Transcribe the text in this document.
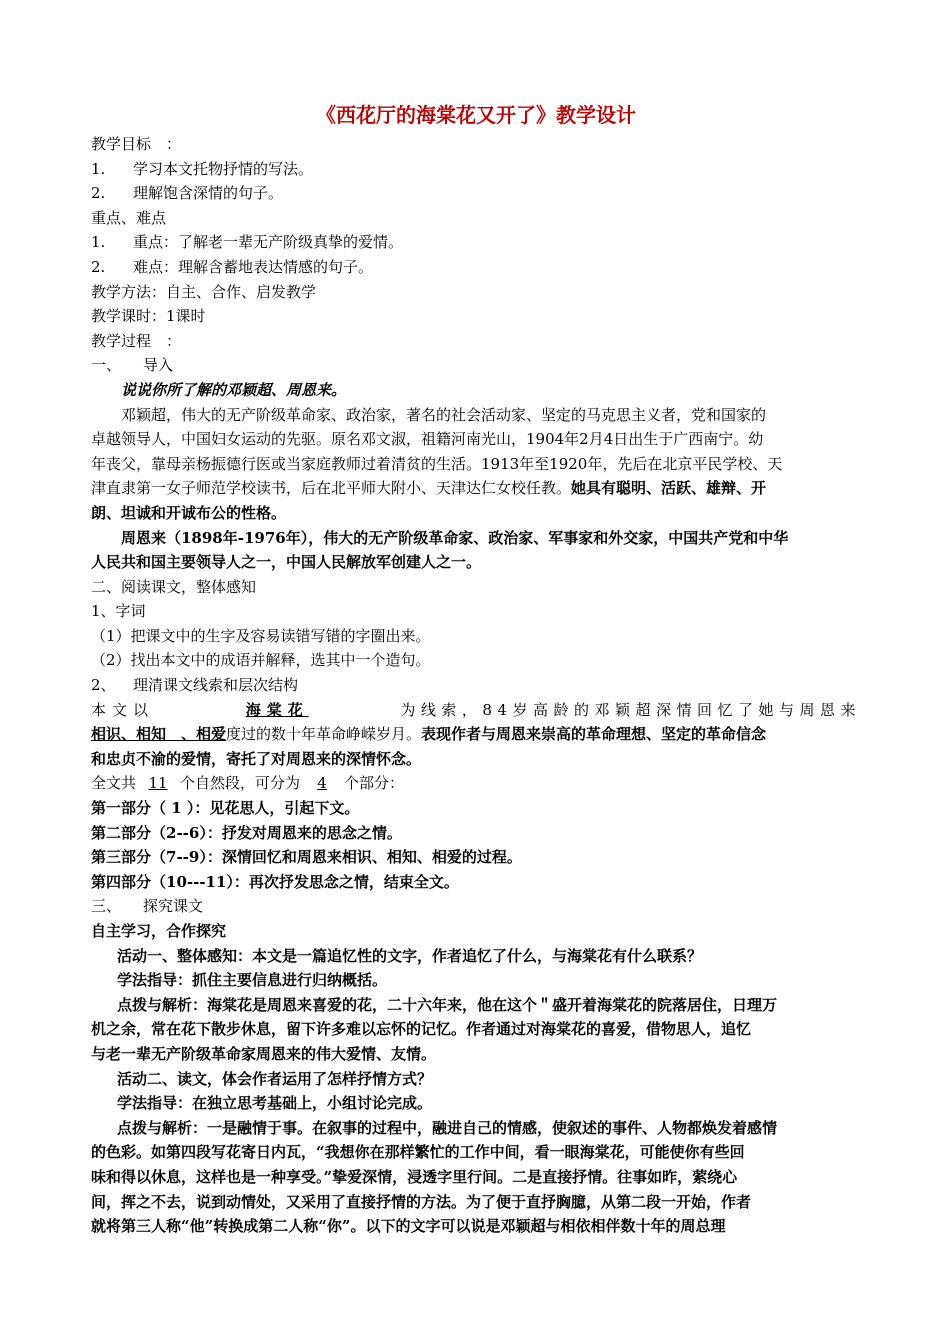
《西花厅的海棠花又开了》教学设计
教学目标　：
1. 学习本文托物抒情的写法。
2. 理解饱含深情的句子。
重点、难点
1. 重点：了解老一辈无产阶级真挚的爱情。
2. 难点：理解含蓄地表达情感的句子。
教学方法：自主、合作、启发教学
教学课时：1课时
教学过程　：
一、 导入
说说你所了解的邓颖超、周恩来。
邓颖超，伟大的无产阶级革命家、政治家，著名的社会活动家、坚定的马克思主义者，党和国家的
卓越领导人，中国妇女运动的先驱。原名邓文淑，祖籍河南光山，1904年2月4日出生于广西南宁。幼
年丧父，靠母亲杨振德行医或当家庭教师过着清贫的生活。1913年至1920年，先后在北京平民学校、天
津直隶第一女子师范学校读书，后在北平师大附小、天津达仁女校任教。她具有聪明、活跃、雄辩、开
朗、坦诚和开诚布公的性格。
周恩来（1898年-1976年），伟大的无产阶级革命家、政治家、军事家和外交家，中国共产党和中华
人民共和国主要领导人之一，中国人民解放军创建人之一。
二、阅读课文，整体感知
1、字词
（1）把课文中的生字及容易读错写错的字圈出来。
（2）找出本文中的成语并解释，选其中一个造句。
2、 理清课文线索和层次结构
本文以	海棠花	为线索，84岁高龄的邓颖超深情回忆了她与周恩来
相识、相知　、相爱度过的数十年革命峥嵘岁月。表现作者与周恩来崇高的革命理想、坚定的革命信念
和忠贞不渝的爱情，寄托了对周恩来的深情怀念。
全文共 11 个自然段，可分为 4 个部分：
第一部分（ 1 ）：见花思人，引起下文。
第二部分（2--6）：抒发对周恩来的思念之情。
第三部分（7--9）：深情回忆和周恩来相识、相知、相爱的过程。
第四部分（10---11）：再次抒发思念之情，结束全文。
三、 探究课文
自主学习，合作探究
活动一、整体感知：本文是一篇追忆性的文字，作者追忆了什么，与海棠花有什么联系？
学法指导：抓住主要信息进行归纳概括。
点拨与解析：海棠花是周恩来喜爱的花，二十六年来，他在这个＂盛开着海棠花的院落居住，日理万
机之余，常在花下散步休息，留下许多难以忘怀的记忆。作者通过对海棠花的喜爱，借物思人，追忆
与老一辈无产阶级革命家周恩来的伟大爱情、友情。
活动二、读文，体会作者运用了怎样抒情方式？
学法指导：在独立思考基础上，小组讨论完成。
点拨与解析：一是融情于事。在叙事的过程中，融进自己的情感，使叙述的事件、人物都焕发着感情
的色彩。如第四段写花寄日内瓦，“我想你在那样繁忙的工作中间，看一眼海棠花，可能使你有些回
味和得以休息，这样也是一种享受。”挚爱深情，浸透字里行间。二是直接抒情。往事如昨，萦绕心
间，挥之不去，说到动情处，又采用了直接抒情的方法。为了便于直抒胸臆，从第二段一开始，作者
就将第三人称“他”转换成第二人称“你”。以下的文字可以说是邓颖超与相依相伴数十年的周总理
